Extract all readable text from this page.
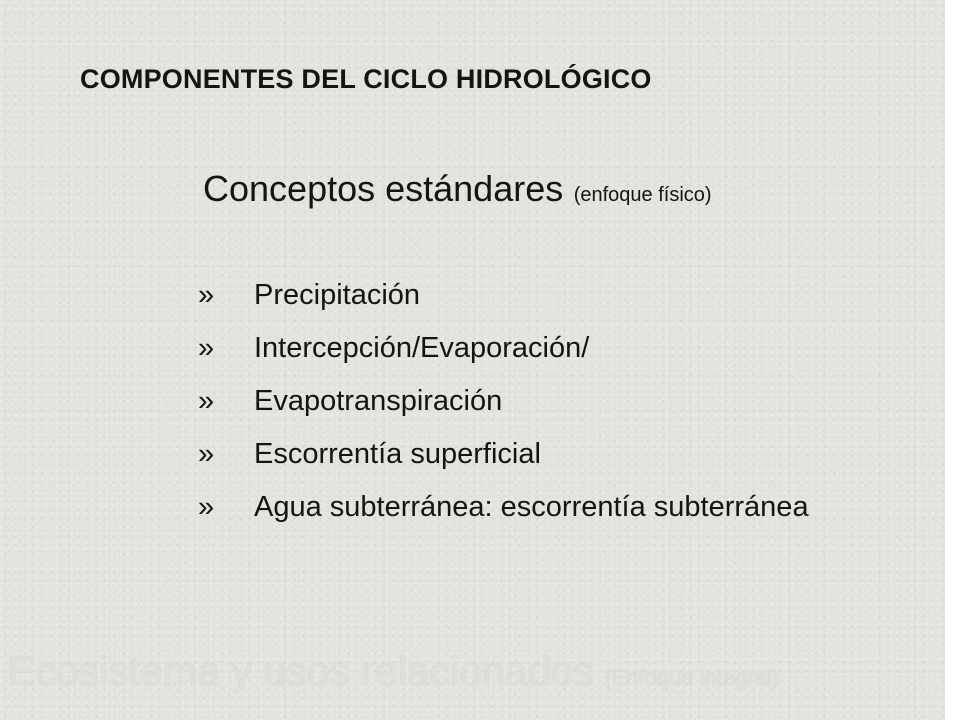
COMPONENTES DEL CICLO HIDROLÓGICO
Conceptos estándares (enfoque físico)
»	Precipitación
»	Intercepción/Evaporación/
»	Evapotranspiración
»	Escorrentía superficial
»	Agua subterránea: escorrentía subterránea
Ecosistema y usos relacionados (Enfoque integral)
